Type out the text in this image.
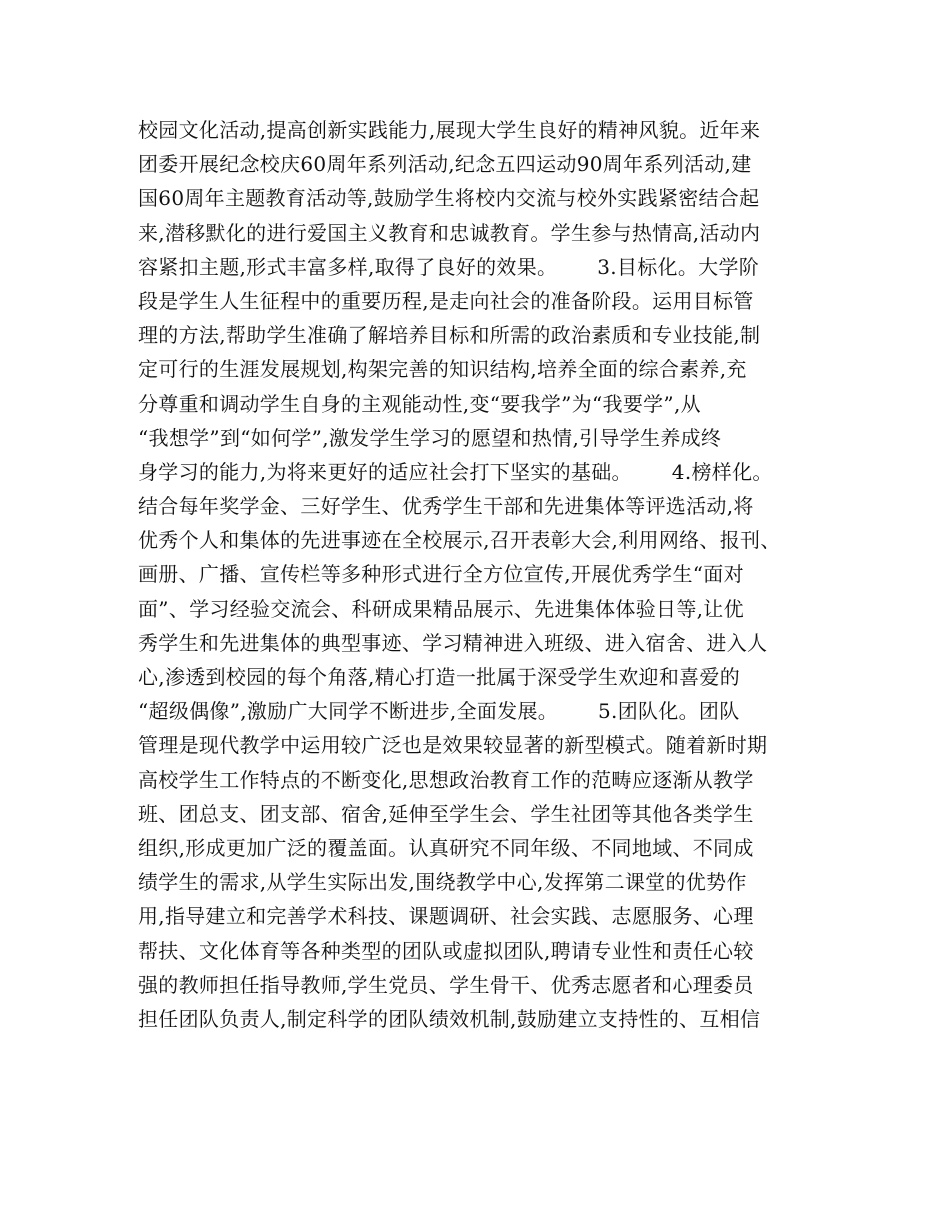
校园文化活动,提高创新实践能力,展现大学生良好的精神风貌。近年来
团委开展纪念校庆60周年系列活动,纪念五四运动90周年系列活动,建
国60周年主题教育活动等,鼓励学生将校内交流与校外实践紧密结合起
来,潜移默化的进行爱国主义教育和忠诚教育。学生参与热情高,活动内
容紧扣主题,形式丰富多样,取得了良好的效果。      3.目标化。大学阶
段是学生人生征程中的重要历程,是走向社会的准备阶段。运用目标管
理的方法,帮助学生准确了解培养目标和所需的政治素质和专业技能,制
定可行的生涯发展规划,构架完善的知识结构,培养全面的综合素养,充
分尊重和调动学生自身的主观能动性,变“要我学”为“我要学”,从
“我想学”到“如何学”,激发学生学习的愿望和热情,引导学生养成终
身学习的能力,为将来更好的适应社会打下坚实的基础。      4.榜样化。
结合每年奖学金、三好学生、优秀学生干部和先进集体等评选活动,将
优秀个人和集体的先进事迹在全校展示,召开表彰大会,利用网络、报刊、
画册、广播、宣传栏等多种形式进行全方位宣传,开展优秀学生“面对
面”、学习经验交流会、科研成果精品展示、先进集体体验日等,让优
秀学生和先进集体的典型事迹、学习精神进入班级、进入宿舍、进入人
心,渗透到校园的每个角落,精心打造一批属于深受学生欢迎和喜爱的
“超级偶像”,激励广大同学不断进步,全面发展。      5.团队化。团队
管理是现代教学中运用较广泛也是效果较显著的新型模式。随着新时期
高校学生工作特点的不断变化,思想政治教育工作的范畴应逐渐从教学
班、团总支、团支部、宿舍,延伸至学生会、学生社团等其他各类学生
组织,形成更加广泛的覆盖面。认真研究不同年级、不同地域、不同成
绩学生的需求,从学生实际出发,围绕教学中心,发挥第二课堂的优势作
用,指导建立和完善学术科技、课题调研、社会实践、志愿服务、心理
帮扶、文化体育等各种类型的团队或虚拟团队,聘请专业性和责任心较
强的教师担任指导教师,学生党员、学生骨干、优秀志愿者和心理委员
担任团队负责人,制定科学的团队绩效机制,鼓励建立支持性的、互相信
